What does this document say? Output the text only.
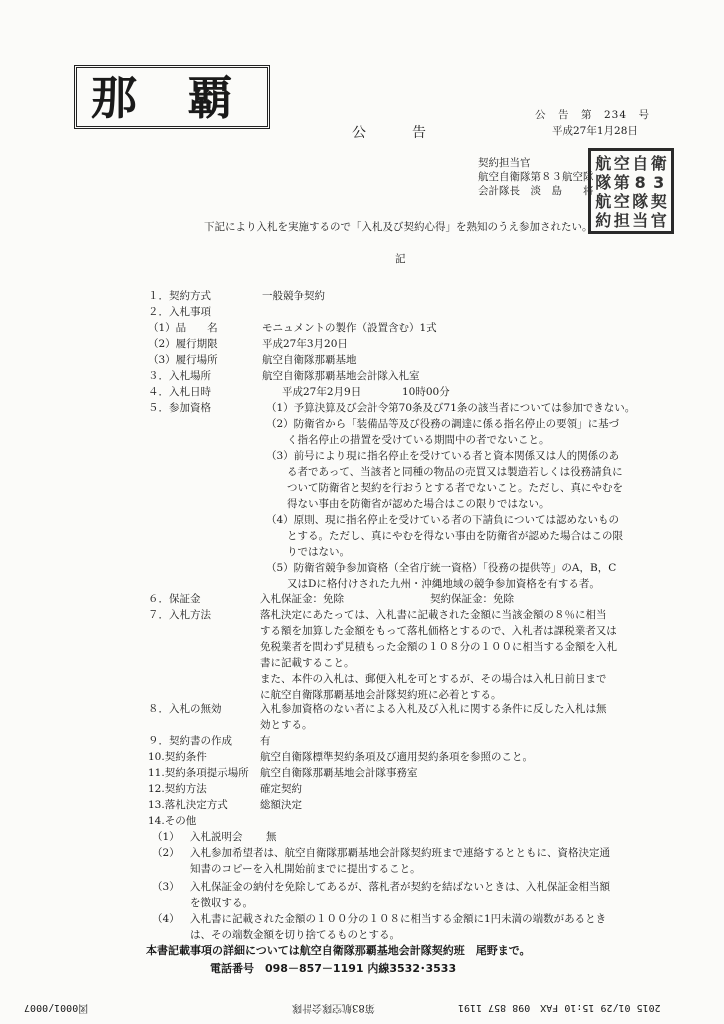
那　覇	公　告　第　234　号
公　　告	平成27年1月28日
契約担当官
航空自衛隊第８３航空隊
会計隊長　淡　島　　将
航 空 自 衛
隊 第 8 3
航 空 隊 契
約 担 当 官
下記により入札を実施するので「入札及び契約心得」を熟知のうえ参加されたい。
記
１．契約方式	一般競争契約
２．入札事項
（1）品　　名	モニュメントの製作（設置含む）1式
（2）履行期限	平成27年3月20日
（3）履行場所	航空自衛隊那覇基地
３．入札場所	航空自衛隊那覇基地会計隊入札室
４．入札日時	平成27年2月9日	10時00分
５．参加資格	（1）予算決算及び会計令第70条及び71条の該当者については参加できない。
（2）防衛省から「装備品等及び役務の調達に係る指名停止の要領」に基づ
　　く指名停止の措置を受けている期間中の者でないこと。
（3）前号により現に指名停止を受けている者と資本関係又は人的関係のあ
　　る者であって、当該者と同種の物品の売買又は製造若しくは役務請負に
　　ついて防衛省と契約を行おうとする者でないこと。ただし、真にやむを
　　得ない事由を防衛省が認めた場合はこの限りではない。
（4）原則、現に指名停止を受けている者の下請負については認めないもの
　　とする。ただし、真にやむを得ない事由を防衛省が認めた場合はこの限
　　りではない。
（5）防衛省競争参加資格（全省庁統一資格）「役務の提供等」のA，B，C
　　又はDに格付けされた九州・沖縄地域の競争参加資格を有する者。
６．保証金	入札保証金：免除	契約保証金：免除
７．入札方法	落札決定にあたっては、入札書に記載された金額に当該金額の８％に相当
する額を加算した金額をもって落札価格とするので、入札者は課税業者又は
免税業者を問わず見積もった金額の１０８分の１００に相当する金額を入札
書に記載すること。
また、本件の入札は、郵便入札を可とするが、その場合は入札日前日まで
に航空自衛隊那覇基地会計隊契約班に必着とする。
８．入札の無効	入札参加資格のない者による入札及び入札に関する条件に反した入札は無
効とする。
９．契約書の作成	有
10.契約条件	航空自衛隊標準契約条項及び適用契約条項を参照のこと。
11.契約条項提示場所 航空自衛隊那覇基地会計隊事務室
12.契約方法	確定契約
13.落札決定方式	総額決定
14.その他
（1） 入札説明会 無
（2） 入札参加希望者は、航空自衛隊那覇基地会計隊契約班まで連絡するとともに、資格決定通
知書のコピーを入札開始前までに提出すること。
（3） 入札保証金の納付を免除してあるが、落札者が契約を結ばないときは、入札保証金相当額
を徴収する。
（4） 入札書に記載された金額の１００分の１０８に相当する金額に1円未満の端数があるとき
は、その端数金額を切り捨てるものとする。
本書記載事項の詳細については航空自衛隊那覇基地会計隊契約班　尾野まで。
電話番号　098－857－1191 内線3532･3533
2015 01/29 15:10 FAX　098 857 1191
第83航空隊会計隊
図0001/0007
